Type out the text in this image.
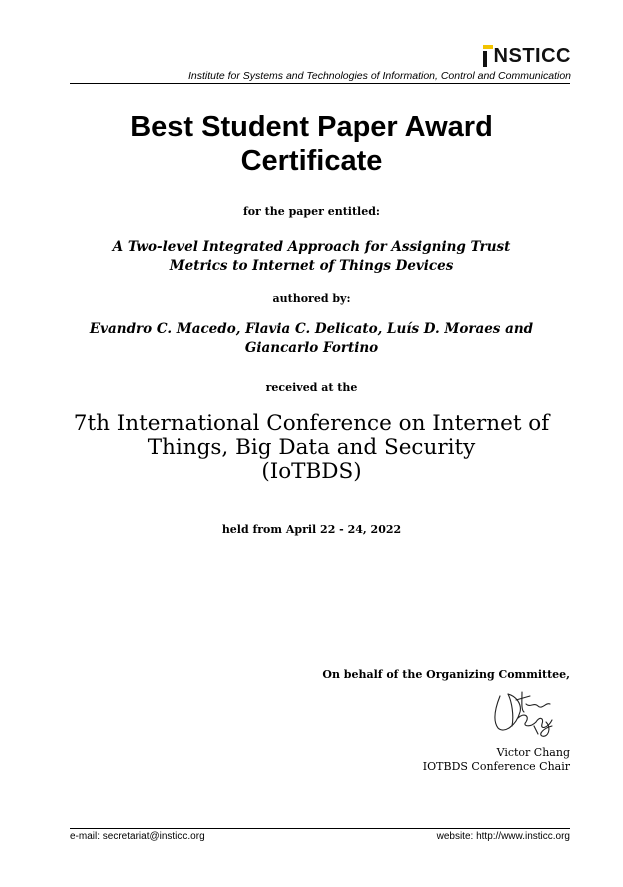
NSTICC
Institute for Systems and Technologies of Information, Control and Communication
Best Student Paper Award
Certificate
for the paper entitled:
A Two-level Integrated Approach for Assigning Trust
Metrics to Internet of Things Devices
authored by:
Evandro C. Macedo, Flavia C. Delicato, Luís D. Moraes and
Giancarlo Fortino
received at the
7th International Conference on Internet of
Things, Big Data and Security
(IoTBDS)
held from April 22 - 24, 2022
On behalf of the Organizing Committee,
Victor Chang
IOTBDS Conference Chair
e-mail: secretariat@insticc.org	website: http://www.insticc.org
